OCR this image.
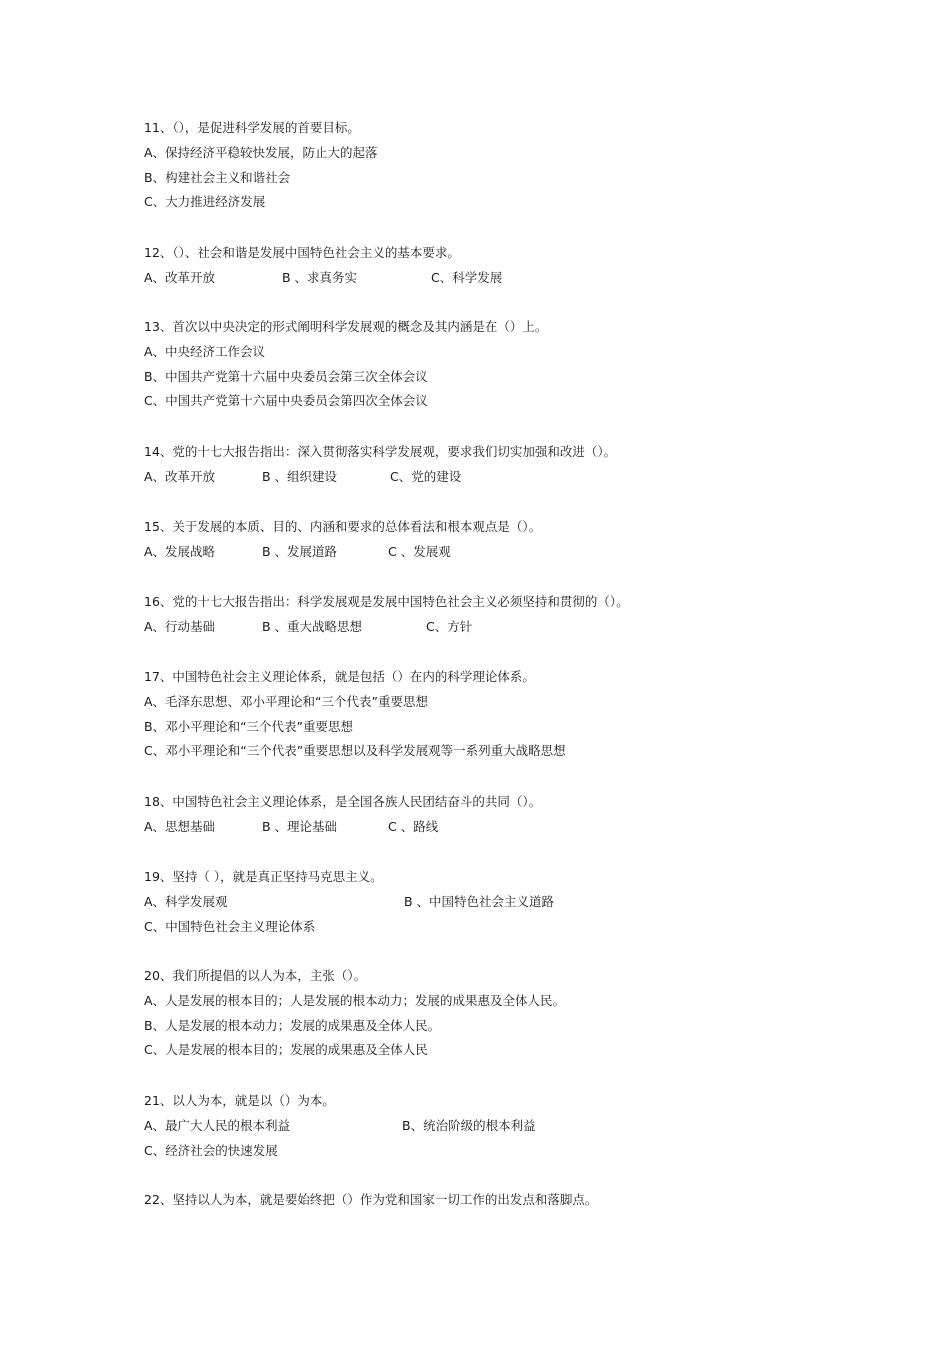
11、（），是促进科学发展的首要目标。
A、保持经济平稳较快发展，防止大的起落
B、构建社会主义和谐社会
C、大力推进经济发展
12、（）、社会和谐是发展中国特色社会主义的基本要求。
A、改革开放	B 、求真务实	C、科学发展
13、首次以中央决定的形式阐明科学发展观的概念及其内涵是在（）上。
A、中央经济工作会议
B、中国共产党第十六届中央委员会第三次全体会议
C、中国共产党第十六届中央委员会第四次全体会议
14、党的十七大报告指出：深入贯彻落实科学发展观，要求我们切实加强和改进（）。
A、改革开放	B 、组织建设	C、党的建设
15、关于发展的本质、目的、内涵和要求的总体看法和根本观点是（）。
A、发展战略	B 、发展道路	C 、发展观
16、党的十七大报告指出：科学发展观是发展中国特色社会主义必须坚持和贯彻的（）。
A、行动基础	B 、重大战略思想	C、方针
17、中国特色社会主义理论体系，就是包括（）在内的科学理论体系。
A、毛泽东思想、邓小平理论和“三个代表”重要思想
B、邓小平理论和“三个代表”重要思想
C、邓小平理论和“三个代表”重要思想以及科学发展观等一系列重大战略思想
18、中国特色社会主义理论体系，是全国各族人民团结奋斗的共同（）。
A、思想基础	B 、理论基础	C 、路线
19、坚持（ ），就是真正坚持马克思主义。
A、科学发展观	B 、中国特色社会主义道路
C、中国特色社会主义理论体系
20、我们所提倡的以人为本，主张（）。
A、人是发展的根本目的；人是发展的根本动力；发展的成果惠及全体人民。
B、人是发展的根本动力；发展的成果惠及全体人民。
C、人是发展的根本目的；发展的成果惠及全体人民
21、以人为本，就是以（）为本。
A、最广大人民的根本利益	B、统治阶级的根本利益
C、经济社会的快速发展
22、坚持以人为本，就是要始终把（）作为党和国家一切工作的出发点和落脚点。
